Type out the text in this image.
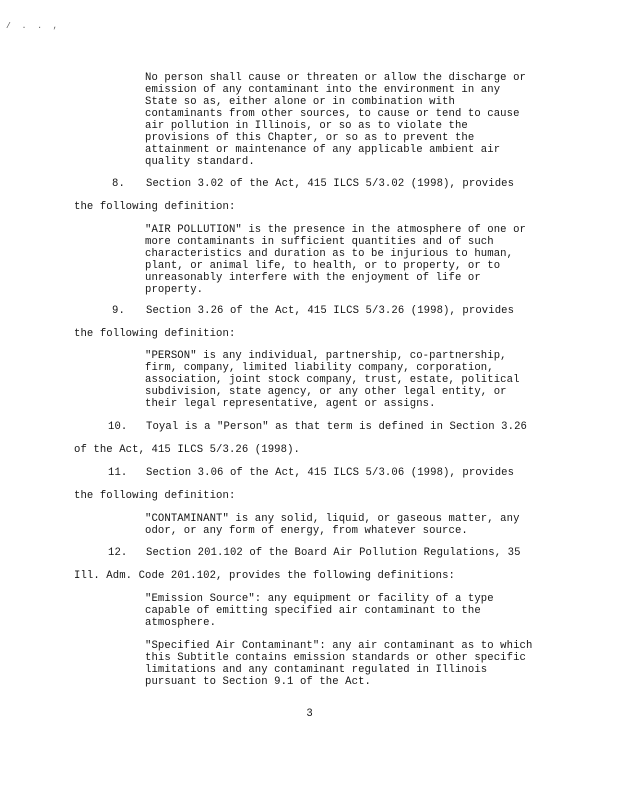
/ . . ,

No person shall cause or threaten or allow the discharge or

emission of any contaminant into the environment in any

State so as, either alone or in combination with

contaminants from other sources, to cause or tend to cause

air pollution in Illinois, or so as to violate the

provisions of this Chapter, or so as to prevent the

attainment or maintenance of any applicable ambient air

quality standard.

8. Section 3.02 of the Act, 415 ILCS 5/3.02 (1998), provides

the following definition:

"AIR POLLUTION" is the presence in the atmosphere of one or

more contaminants in sufficient quantities and of such

characteristics and duration as to be injurious to human,

plant, or animal life, to health, or to property, or to

unreasonably interfere with the enjoyment of life or

property.

9. Section 3.26 of the Act, 415 ILCS 5/3.26 (1998), provides

the following definition:

"PERSON" is any individual, partnership, co-partnership,

firm, company, limited liability company, corporation,

association, joint stock company, trust, estate, political

subdivision, state agency, or any other legal entity, or

their legal representative, agent or assigns.

10. Toyal is a "Person" as that term is defined in Section 3.26

of the Act, 415 ILCS 5/3.26 (1998).

11. Section 3.06 of the Act, 415 ILCS 5/3.06 (1998), provides

the following definition:

"CONTAMINANT" is any solid, liquid, or gaseous matter, any

odor, or any form of energy, from whatever source.

12. Section 201.102 of the Board Air Pollution Regulations, 35

Ill. Adm. Code 201.102, provides the following definitions:

"Emission Source": any equipment or facility of a type

capable of emitting specified air contaminant to the

atmosphere.

"Specified Air Contaminant": any air contaminant as to which

this Subtitle contains emission standards or other specific

limitations and any contaminant regulated in Illinois

pursuant to Section 9.1 of the Act.

3
